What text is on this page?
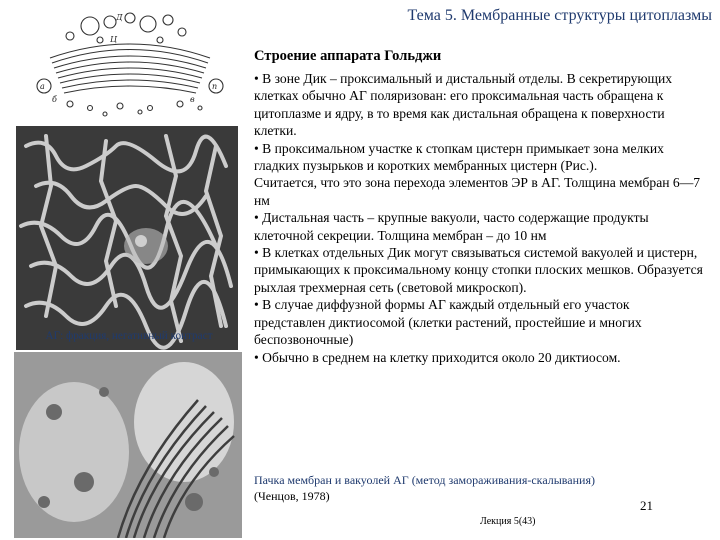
Тема 5. Мембранные структуры цитоплазмы
Д
Ц
а
б	в
п
АГ: фракция, негативный контраст
Строение аппарата Гольджи

• В зоне Дик – проксимальный и дистальный отделы. В секретирующих клетках обычно АГ поляризован: его проксимальная часть обращена к цитоплазме и ядру, в то время как дистальная обращена к поверхности клетки.

• В проксимальном участке к стопкам цистерн примыкает зона мелких гладких пузырьков и коротких мембранных цистерн (Рис.).

Считается, что это зона перехода элементов ЭР в АГ. Толщина мембран 6—7 нм

• Дистальная часть – крупные вакуоли, часто содержащие продукты клеточной секреции. Толщина мембран – до 10 нм

• В клетках отдельных Дик могут связываться системой вакуолей и цистерн, примыкающих к проксимальному концу стопки плоских мешков. Образуется рыхлая трехмерная сеть (световой микроскоп).

• В случае диффузной формы АГ каждый отдельный его участок представлен диктиосомой (клетки растений, простейшие и многих беспозвоночные)

• Обычно в среднем на клетку приходится около 20 диктиосом.

Пачка мембран и вакуолей АГ (метод замораживания-скалывания)
(Ченцов, 1978)
21
Лекция 5(43)
